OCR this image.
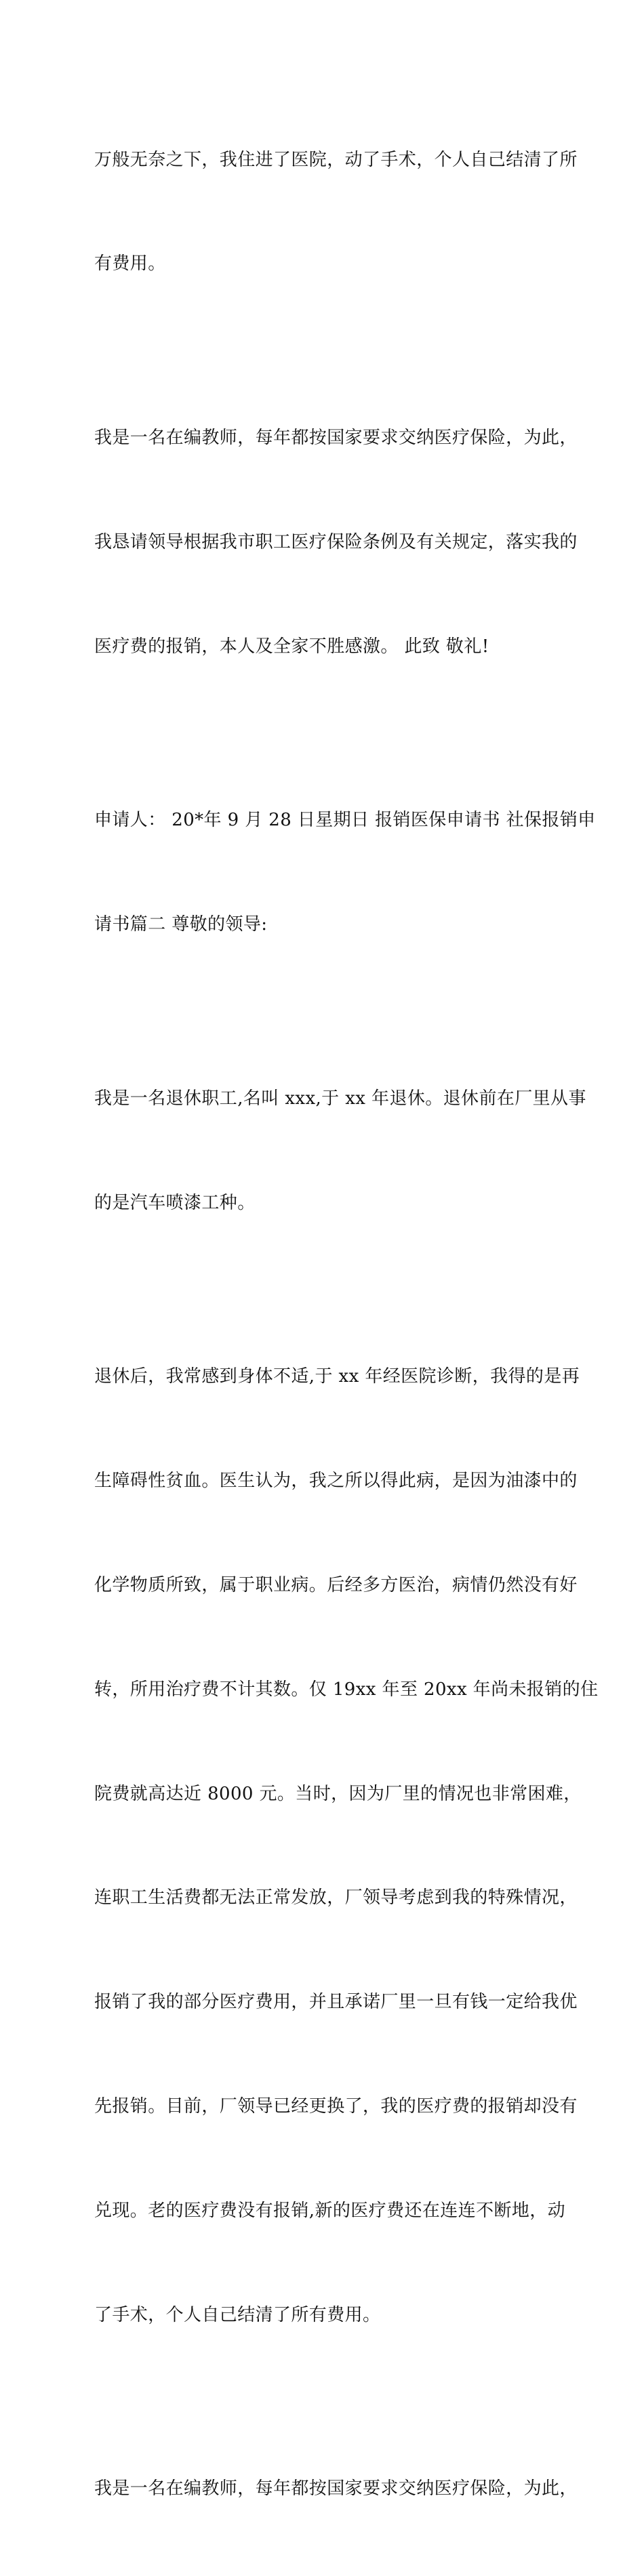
万般无奈之下，我住进了医院，动了手术，个人自己结清了所

有费用。

我是一名在编教师，每年都按国家要求交纳医疗保险，为此，

我恳请领导根据我市职工医疗保险条例及有关规定，落实我的

医疗费的报销，本人及全家不胜感激。 此致 敬礼!

申请人： 20*年 9 月 28 日星期日 报销医保申请书 社保报销申

请书篇二 尊敬的领导:

我是一名退休职工,名叫 xxx,于 xx 年退休。退休前在厂里从事

的是汽车喷漆工种。

退休后，我常感到身体不适,于 xx 年经医院诊断，我得的是再

生障碍性贫血。医生认为，我之所以得此病，是因为油漆中的

化学物质所致，属于职业病。后经多方医治，病情仍然没有好

转，所用治疗费不计其数。仅 19xx 年至 20xx 年尚未报销的住

院费就高达近 8000 元。当时，因为厂里的情况也非常困难，

连职工生活费都无法正常发放，厂领导考虑到我的特殊情况，

报销了我的部分医疗费用，并且承诺厂里一旦有钱一定给我优

先报销。目前，厂领导已经更换了，我的医疗费的报销却没有

兑现。老的医疗费没有报销,新的医疗费还在连连不断地，动

了手术，个人自己结清了所有费用。

我是一名在编教师，每年都按国家要求交纳医疗保险，为此，
